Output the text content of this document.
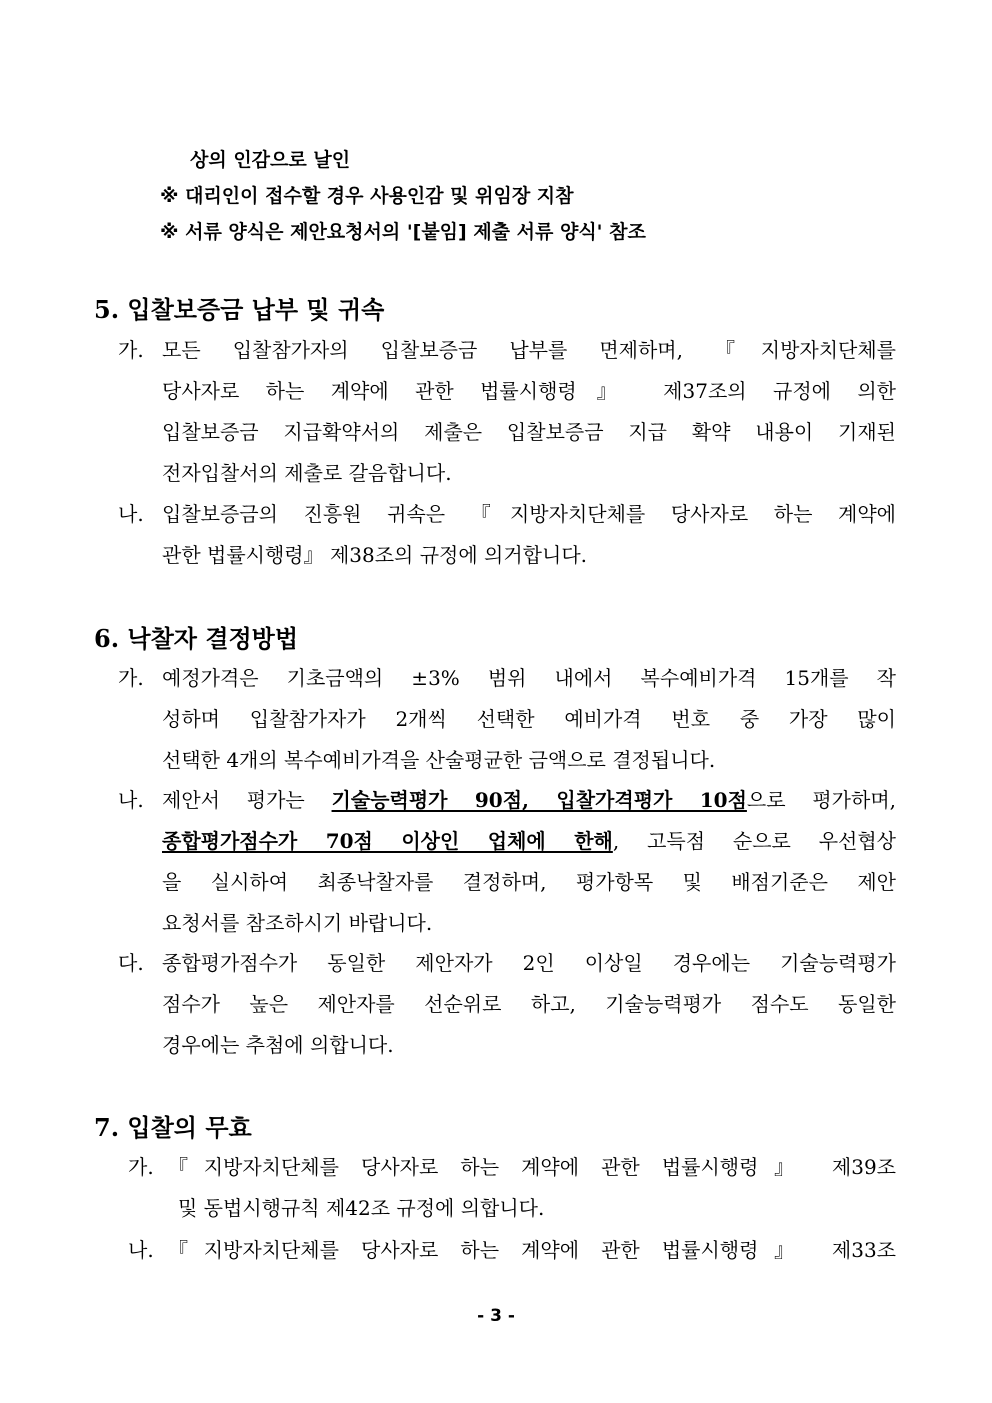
상의 인감으로 날인
※ 대리인이 접수할 경우 사용인감 및 위임장 지참
※ 서류 양식은 제안요청서의 '[붙임] 제출 서류 양식' 참조
5. 입찰보증금 납부 및 귀속
가. 모든 입찰참가자의 입찰보증금 납부를 면제하며, 『지방자치단체를
당사자로 하는 계약에 관한 법률시행령』 제37조의 규정에 의한
입찰보증금 지급확약서의 제출은 입찰보증금 지급 확약 내용이 기재된
전자입찰서의 제출로 갈음합니다.
나. 입찰보증금의 진흥원 귀속은 『지방자치단체를 당사자로 하는 계약에
관한 법률시행령』 제38조의 규정에 의거합니다.
6. 낙찰자 결정방법
가. 예정가격은 기초금액의 ±3% 범위 내에서 복수예비가격 15개를 작
성하며 입찰참가자가 2개씩 선택한 예비가격 번호 중 가장 많이
선택한 4개의 복수예비가격을 산술평균한 금액으로 결정됩니다.
나. 제안서 평가는 기술능력평가 90점, 입찰가격평가 10점으로 평가하며,
종합평가점수가 70점 이상인 업체에 한해, 고득점 순으로 우선협상
을 실시하여 최종낙찰자를 결정하며, 평가항목 및 배점기준은 제안
요청서를 참조하시기 바랍니다.
다. 종합평가점수가 동일한 제안자가 2인 이상일 경우에는 기술능력평가
점수가 높은 제안자를 선순위로 하고, 기술능력평가 점수도 동일한
경우에는 추첨에 의합니다.
7. 입찰의 무효
가. 『지방자치단체를 당사자로 하는 계약에 관한 법률시행령』 제39조
및 동법시행규칙 제42조 규정에 의합니다.
나. 『지방자치단체를 당사자로 하는 계약에 관한 법률시행령』 제33조
- 3 -
